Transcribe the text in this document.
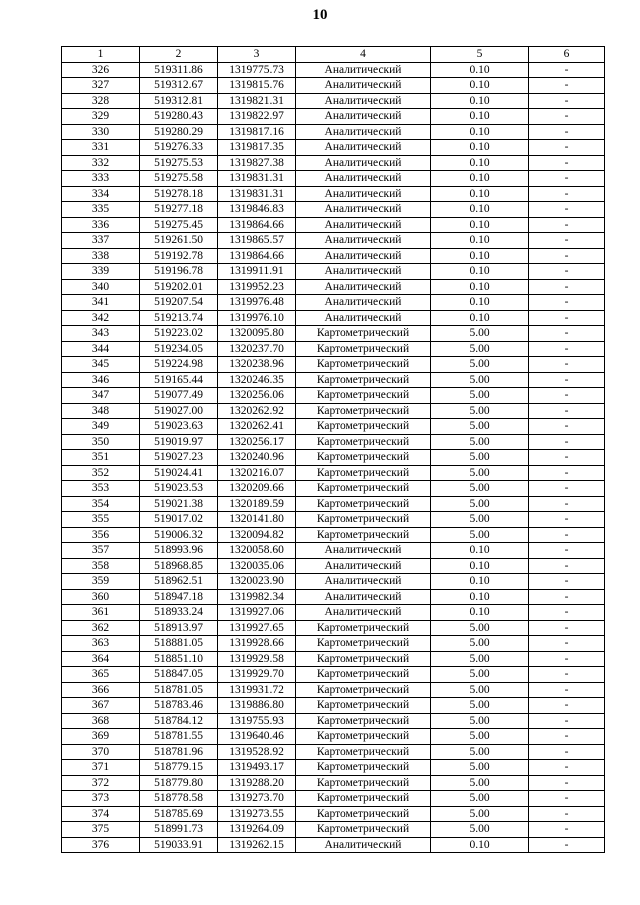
10
1	2	3	4	5	6
326	519311.86	1319775.73	Аналитический	0.10	-
327	519312.67	1319815.76	Аналитический	0.10	-
328	519312.81	1319821.31	Аналитический	0.10	-
329	519280.43	1319822.97	Аналитический	0.10	-
330	519280.29	1319817.16	Аналитический	0.10	-
331	519276.33	1319817.35	Аналитический	0.10	-
332	519275.53	1319827.38	Аналитический	0.10	-
333	519275.58	1319831.31	Аналитический	0.10	-
334	519278.18	1319831.31	Аналитический	0.10	-
335	519277.18	1319846.83	Аналитический	0.10	-
336	519275.45	1319864.66	Аналитический	0.10	-
337	519261.50	1319865.57	Аналитический	0.10	-
338	519192.78	1319864.66	Аналитический	0.10	-
339	519196.78	1319911.91	Аналитический	0.10	-
340	519202.01	1319952.23	Аналитический	0.10	-
341	519207.54	1319976.48	Аналитический	0.10	-
342	519213.74	1319976.10	Аналитический	0.10	-
343	519223.02	1320095.80	Картометрический	5.00	-
344	519234.05	1320237.70	Картометрический	5.00	-
345	519224.98	1320238.96	Картометрический	5.00	-
346	519165.44	1320246.35	Картометрический	5.00	-
347	519077.49	1320256.06	Картометрический	5.00	-
348	519027.00	1320262.92	Картометрический	5.00	-
349	519023.63	1320262.41	Картометрический	5.00	-
350	519019.97	1320256.17	Картометрический	5.00	-
351	519027.23	1320240.96	Картометрический	5.00	-
352	519024.41	1320216.07	Картометрический	5.00	-
353	519023.53	1320209.66	Картометрический	5.00	-
354	519021.38	1320189.59	Картометрический	5.00	-
355	519017.02	1320141.80	Картометрический	5.00	-
356	519006.32	1320094.82	Картометрический	5.00	-
357	518993.96	1320058.60	Аналитический	0.10	-
358	518968.85	1320035.06	Аналитический	0.10	-
359	518962.51	1320023.90	Аналитический	0.10	-
360	518947.18	1319982.34	Аналитический	0.10	-
361	518933.24	1319927.06	Аналитический	0.10	-
362	518913.97	1319927.65	Картометрический	5.00	-
363	518881.05	1319928.66	Картометрический	5.00	-
364	518851.10	1319929.58	Картометрический	5.00	-
365	518847.05	1319929.70	Картометрический	5.00	-
366	518781.05	1319931.72	Картометрический	5.00	-
367	518783.46	1319886.80	Картометрический	5.00	-
368	518784.12	1319755.93	Картометрический	5.00	-
369	518781.55	1319640.46	Картометрический	5.00	-
370	518781.96	1319528.92	Картометрический	5.00	-
371	518779.15	1319493.17	Картометрический	5.00	-
372	518779.80	1319288.20	Картометрический	5.00	-
373	518778.58	1319273.70	Картометрический	5.00	-
374	518785.69	1319273.55	Картометрический	5.00	-
375	518991.73	1319264.09	Картометрический	5.00	-
376	519033.91	1319262.15	Аналитический	0.10	-
